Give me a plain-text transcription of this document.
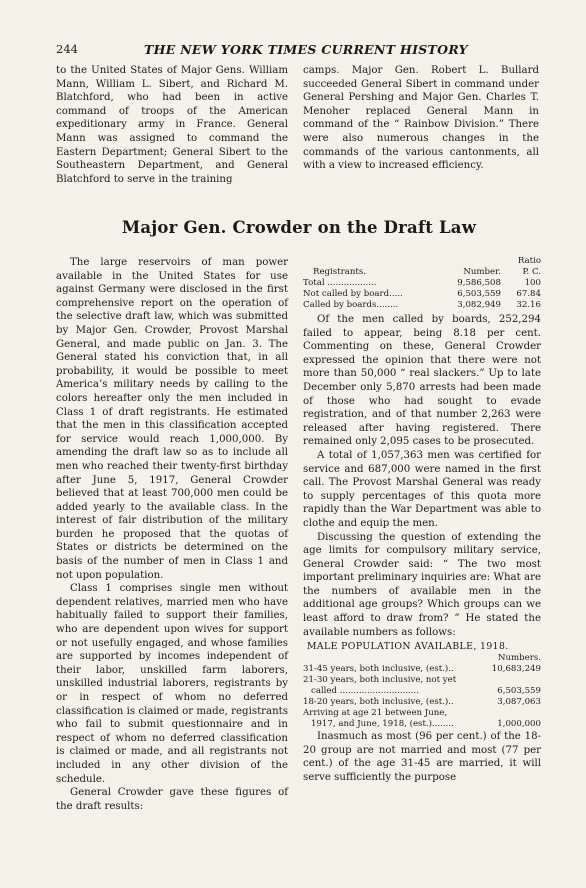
244	THE NEW YORK TIMES CURRENT HISTORY

to the United States of Major Gens. William Mann, William L. Sibert, and Richard M. Blatchford, who had been in active command of troops of the American expeditionary army in France. General Mann was assigned to command the Eastern Department; General Sibert to the Southeastern Department, and General Blatchford to serve in the training

camps. Major Gen. Robert L. Bullard succeeded General Sibert in command under General Pershing and Major Gen. Charles T. Menoher replaced General Mann in command of the “ Rainbow Division.” There were also numerous changes in the commands of the various cantonments, all with a view to increased efficiency.

Major Gen. Crowder on the Draft Law

The large reservoirs of man power available in the United States for use against Germany were disclosed in the first comprehensive report on the operation of the selective draft law, which was submitted by Major Gen. Crowder, Provost Marshal General, and made public on Jan. 3. The General stated his conviction that, in all probability, it would be possible to meet America’s military needs by calling to the colors hereafter only the men included in Class 1 of draft registrants. He estimated that the men in this classification accepted for service would reach 1,000,000. By amending the draft law so as to include all men who reached their twenty-first birthday after June 5, 1917, General Crowder believed that at least 700,000 men could be added yearly to the available class. In the interest of fair distribution of the military burden he proposed that the quotas of States or districts be determined on the basis of the number of men in Class 1 and not upon population.

Class 1 comprises single men without dependent relatives, married men who have habitually failed to support their families, who are dependent upon wives for support or not usefully engaged, and whose families are supported by incomes independent of their labor, unskilled farm laborers, unskilled industrial laborers, registrants by or in respect of whom no deferred classification is claimed or made, registrants who fail to submit questionnaire and in respect of whom no deferred classification is claimed or made, and all registrants not included in any other division of the schedule.

General Crowder gave these figures of the draft results:

Ratio
Registrants.	Number.	P. C.
Total ..................	9,586,508	100
Not called by board.....	6,503,559	67.84
Called by boards........	3,082,949	32.16

Of the men called by boards, 252,294 failed to appear, being 8.18 per cent. Commenting on these, General Crowder expressed the opinion that there were not more than 50,000 “ real slackers.” Up to late December only 5,870 arrests had been made of those who had sought to evade registration, and of that number 2,263 were released after having registered. There remained only 2,095 cases to be prosecuted.

A total of 1,057,363 men was certified for service and 687,000 were named in the first call. The Provost Marshal General was ready to supply percentages of this quota more rapidly than the War Department was able to clothe and equip the men.

Discussing the question of extending the age limits for compulsory military service, General Crowder said: “ The two most important preliminary inquiries are: What are the numbers of available men in the additional age groups? Which groups can we least afford to draw from? ” He stated the available numbers as follows:

MALE POPULATION AVAILABLE, 1918.
Numbers.
31-45 years, both inclusive, (est.)..	10,683,249
21-30 years, both inclusive, not yet
called .............................	6,503,559
18-20 years, both inclusive, (est.)..	3,087,063
Arriving at age 21 between June,
1917, and June, 1918, (est.)........	1,000,000

Inasmuch as most (96 per cent.) of the 18-20 group are not married and most (77 per cent.) of the age 31-45 are married, it will serve sufficiently the purpose
